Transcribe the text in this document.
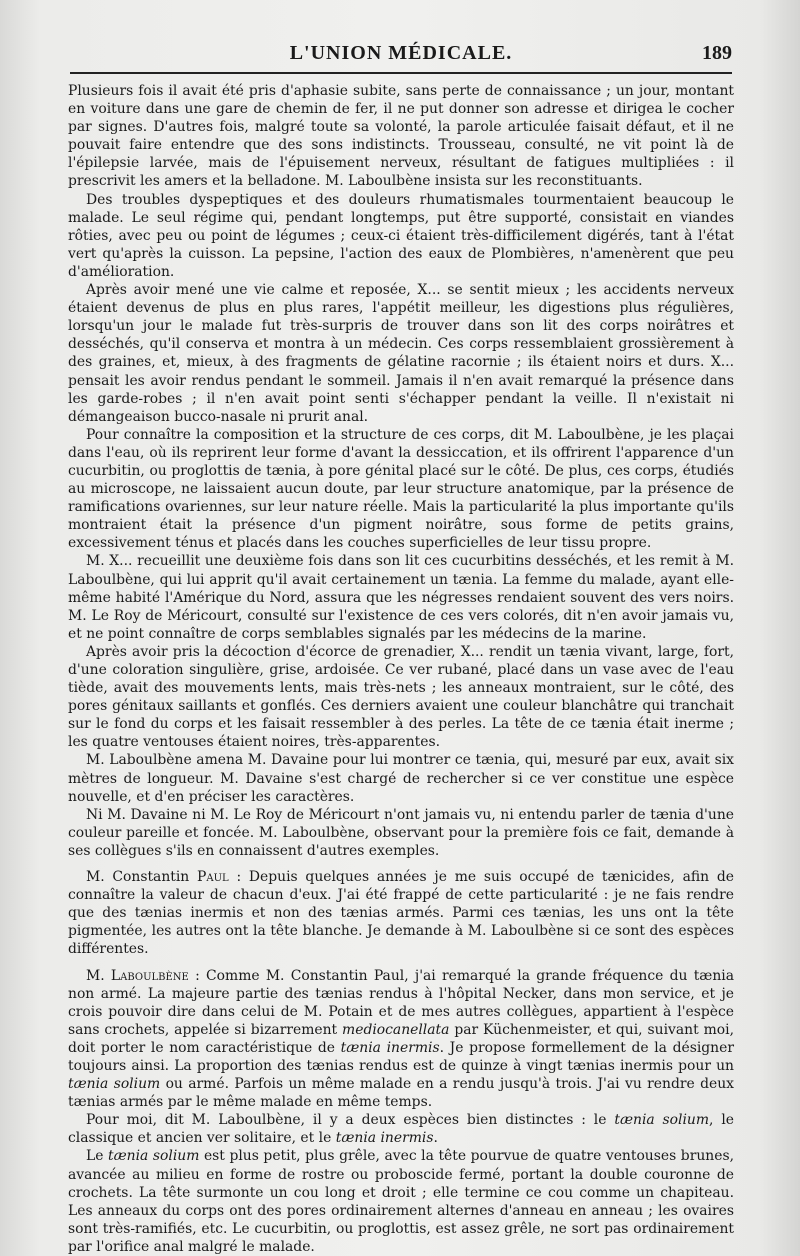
L'UNION MÉDICALE.	189

Plusieurs fois il avait été pris d'aphasie subite, sans perte de connaissance ; un jour, montant en voiture dans une gare de chemin de fer, il ne put donner son adresse et dirigea le cocher par signes. D'autres fois, malgré toute sa volonté, la parole articulée faisait défaut, et il ne pouvait faire entendre que des sons indistincts. Trousseau, consulté, ne vit point là de l'épilepsie larvée, mais de l'épuisement nerveux, résultant de fatigues multipliées : il prescrivit les amers et la belladone. M. Laboulbène insista sur les reconstituants.

Des troubles dyspeptiques et des douleurs rhumatismales tourmentaient beaucoup le malade. Le seul régime qui, pendant longtemps, put être supporté, consistait en viandes rôties, avec peu ou point de légumes ; ceux-ci étaient très-difficilement digérés, tant à l'état vert qu'après la cuisson. La pepsine, l'action des eaux de Plombières, n'amenèrent que peu d'amélioration.

Après avoir mené une vie calme et reposée, X... se sentit mieux ; les accidents nerveux étaient devenus de plus en plus rares, l'appétit meilleur, les digestions plus régulières, lorsqu'un jour le malade fut très-surpris de trouver dans son lit des corps noirâtres et desséchés, qu'il conserva et montra à un médecin. Ces corps ressemblaient grossièrement à des graines, et, mieux, à des fragments de gélatine racornie ; ils étaient noirs et durs. X... pensait les avoir rendus pendant le sommeil. Jamais il n'en avait remarqué la présence dans les garde-robes ; il n'en avait point senti s'échapper pendant la veille. Il n'existait ni démangeaison bucco-nasale ni prurit anal.

Pour connaître la composition et la structure de ces corps, dit M. Laboulbène, je les plaçai dans l'eau, où ils reprirent leur forme d'avant la dessiccation, et ils offrirent l'apparence d'un cucurbitin, ou proglottis de tænia, à pore génital placé sur le côté. De plus, ces corps, étudiés au microscope, ne laissaient aucun doute, par leur structure anatomique, par la présence de ramifications ovariennes, sur leur nature réelle. Mais la particularité la plus importante qu'ils montraient était la présence d'un pigment noirâtre, sous forme de petits grains, excessivement ténus et placés dans les couches superficielles de leur tissu propre.

M. X... recueillit une deuxième fois dans son lit ces cucurbitins desséchés, et les remit à M. Laboulbène, qui lui apprit qu'il avait certainement un tænia. La femme du malade, ayant elle-même habité l'Amérique du Nord, assura que les négresses rendaient souvent des vers noirs. M. Le Roy de Méricourt, consulté sur l'existence de ces vers colorés, dit n'en avoir jamais vu, et ne point connaître de corps semblables signalés par les médecins de la marine.

Après avoir pris la décoction d'écorce de grenadier, X... rendit un tænia vivant, large, fort, d'une coloration singulière, grise, ardoisée. Ce ver rubané, placé dans un vase avec de l'eau tiède, avait des mouvements lents, mais très-nets ; les anneaux montraient, sur le côté, des pores génitaux saillants et gonflés. Ces derniers avaient une couleur blanchâtre qui tranchait sur le fond du corps et les faisait ressembler à des perles. La tête de ce tænia était inerme ; les quatre ventouses étaient noires, très-apparentes.

M. Laboulbène amena M. Davaine pour lui montrer ce tænia, qui, mesuré par eux, avait six mètres de longueur. M. Davaine s'est chargé de rechercher si ce ver constitue une espèce nouvelle, et d'en préciser les caractères.

Ni M. Davaine ni M. Le Roy de Méricourt n'ont jamais vu, ni entendu parler de tænia d'une couleur pareille et foncée. M. Laboulbène, observant pour la première fois ce fait, demande à ses collègues s'ils en connaissent d'autres exemples.

M. Constantin Paul : Depuis quelques années je me suis occupé de tænicides, afin de connaître la valeur de chacun d'eux. J'ai été frappé de cette particularité : je ne fais rendre que des tænias inermis et non des tænias armés. Parmi ces tænias, les uns ont la tête pigmentée, les autres ont la tête blanche. Je demande à M. Laboulbène si ce sont des espèces différentes.

M. Laboulbène : Comme M. Constantin Paul, j'ai remarqué la grande fréquence du tænia non armé. La majeure partie des tænias rendus à l'hôpital Necker, dans mon service, et je crois pouvoir dire dans celui de M. Potain et de mes autres collègues, appartient à l'espèce sans crochets, appelée si bizarrement mediocanellata par Küchenmeister, et qui, suivant moi, doit porter le nom caractéristique de tænia inermis. Je propose formellement de la désigner toujours ainsi. La proportion des tænias rendus est de quinze à vingt tænias inermis pour un tænia solium ou armé. Parfois un même malade en a rendu jusqu'à trois. J'ai vu rendre deux tænias armés par le même malade en même temps.

Pour moi, dit M. Laboulbène, il y a deux espèces bien distinctes : le tænia solium, le classique et ancien ver solitaire, et le tænia inermis.

Le tænia solium est plus petit, plus grêle, avec la tête pourvue de quatre ventouses brunes, avancée au milieu en forme de rostre ou proboscide fermé, portant la double couronne de crochets. La tête surmonte un cou long et droit ; elle termine ce cou comme un chapiteau. Les anneaux du corps ont des pores ordinairement alternes d'anneau en anneau ; les ovaires sont très-ramifiés, etc. Le cucurbitin, ou proglottis, est assez grêle, ne sort pas ordinairement par l'orifice anal malgré le malade.
